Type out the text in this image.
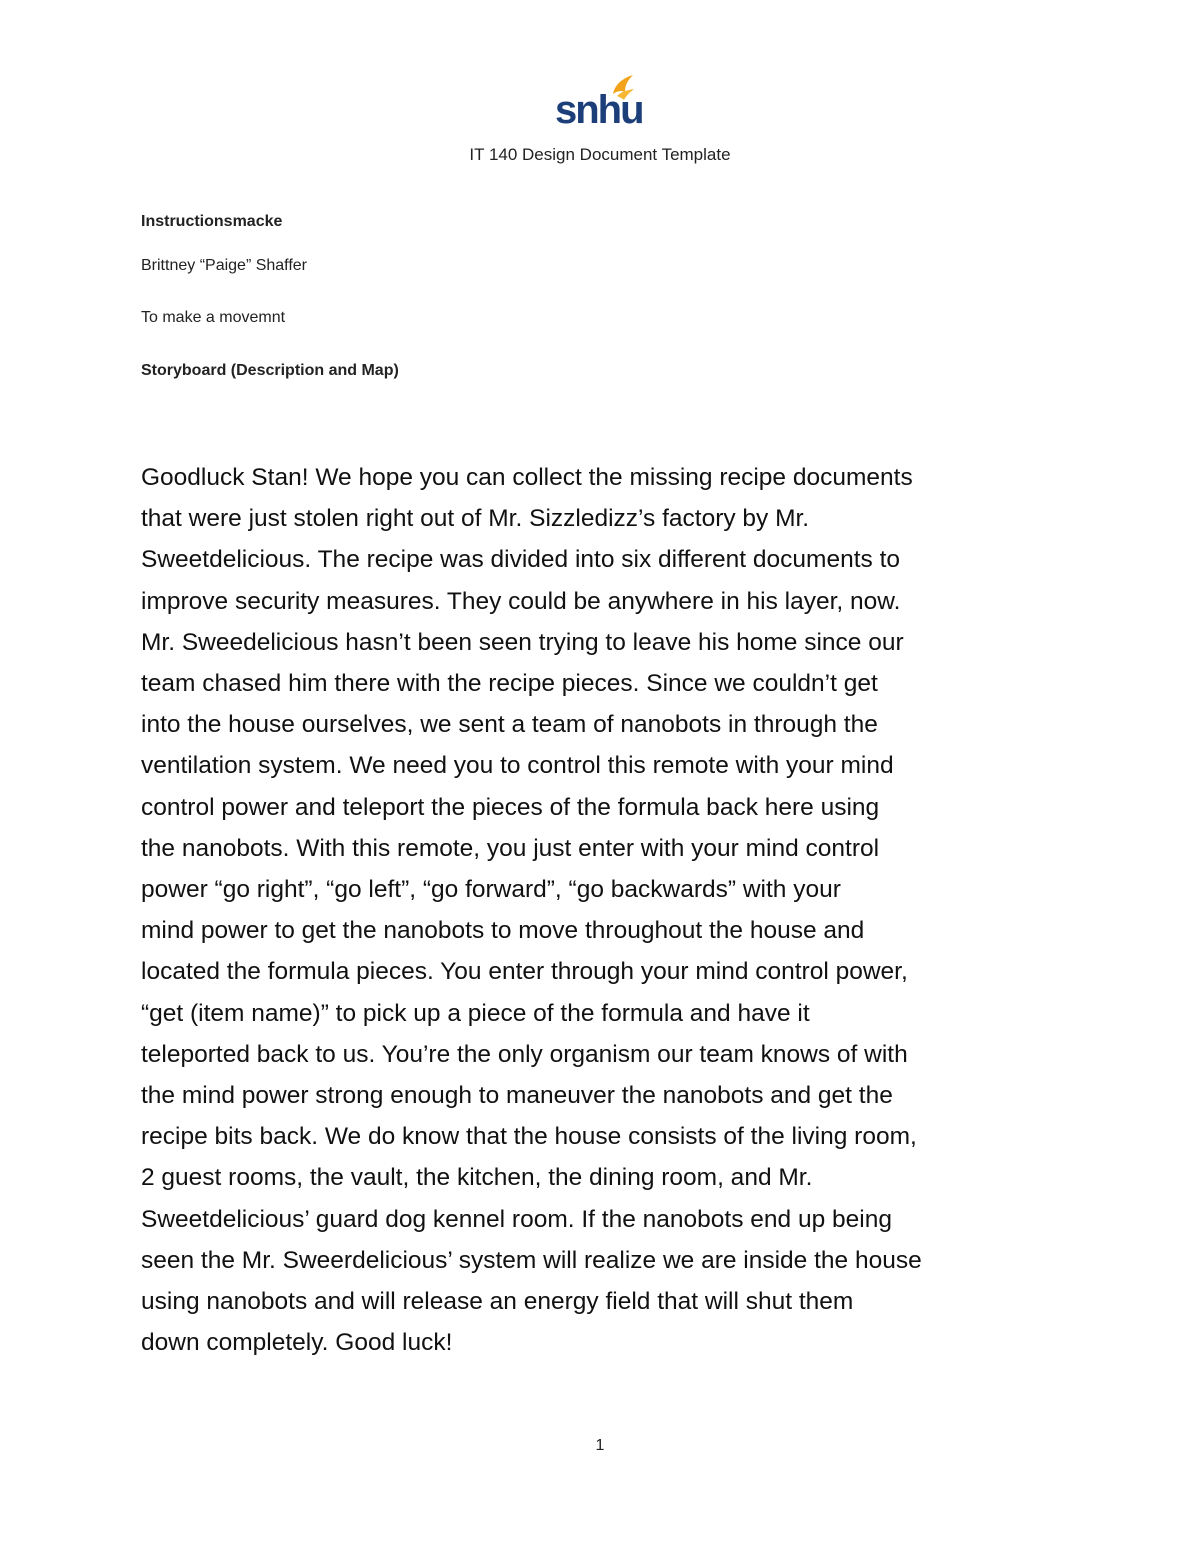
snhu
IT 140 Design Document Template
Instructionsmacke
Brittney “Paige” Shaffer
To make a movemnt
Storyboard (Description and Map)
Goodluck Stan! We hope you can collect the missing recipe documents
that were just stolen right out of Mr. Sizzledizz’s factory by Mr.
Sweetdelicious. The recipe was divided into six different documents to
improve security measures. They could be anywhere in his layer, now.
Mr. Sweedelicious hasn’t been seen trying to leave his home since our
team chased him there with the recipe pieces. Since we couldn’t get
into the house ourselves, we sent a team of nanobots in through the
ventilation system. We need you to control this remote with your mind
control power and teleport the pieces of the formula back here using
the nanobots. With this remote, you just enter with your mind control
power “go right”, “go left”, “go forward”, “go backwards” with your
mind power to get the nanobots to move throughout the house and
located the formula pieces. You enter through your mind control power,
“get (item name)” to pick up a piece of the formula and have it
teleported back to us. You’re the only organism our team knows of with
the mind power strong enough to maneuver the nanobots and get the
recipe bits back. We do know that the house consists of the living room,
2 guest rooms, the vault, the kitchen, the dining room, and Mr.
Sweetdelicious’ guard dog kennel room. If the nanobots end up being
seen the Mr. Sweerdelicious’ system will realize we are inside the house
using nanobots and will release an energy field that will shut them
down completely. Good luck!
1
